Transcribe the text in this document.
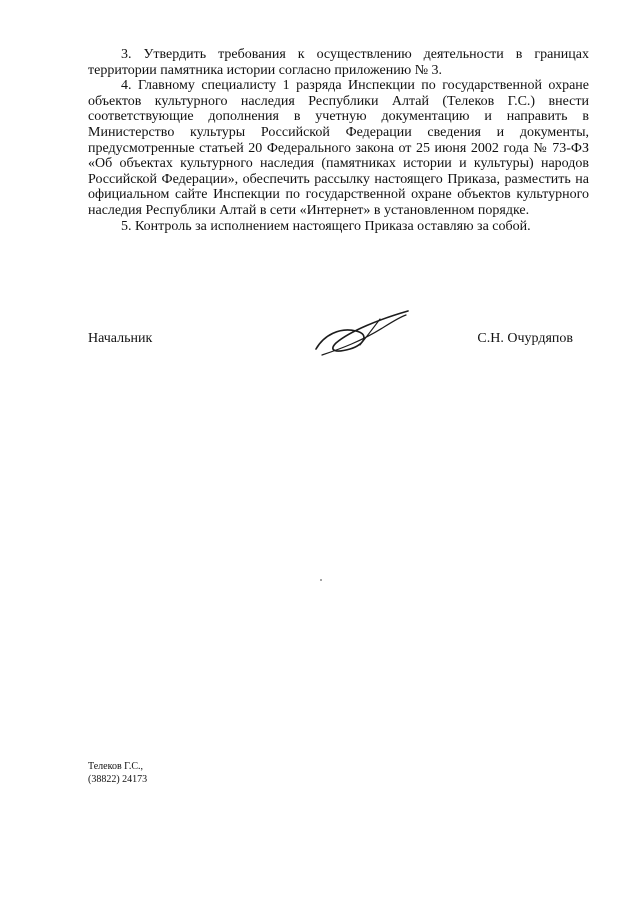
3. Утвердить требования к осуществлению деятельности в границах территории памятника истории согласно приложению № 3.

4. Главному специалисту 1 разряда Инспекции по государственной охране объектов культурного наследия Республики Алтай (Телеков Г.С.) внести соответствующие дополнения в учетную документацию и направить в Министерство культуры Российской Федерации сведения и документы, предусмотренные статьей 20 Федерального закона от 25 июня 2002 года № 73-ФЗ «Об объектах культурного наследия (памятниках истории и культуры) народов Российской Федерации», обеспечить рассылку настоящего Приказа, разместить на официальном сайте Инспекции по государственной охране объектов культурного наследия Республики Алтай в сети «Интернет» в установленном порядке.

5. Контроль за исполнением настоящего Приказа оставляю за собой.

Начальник	С.Н. Очурдяпов
Телеков Г.С.,
(38822) 24173
